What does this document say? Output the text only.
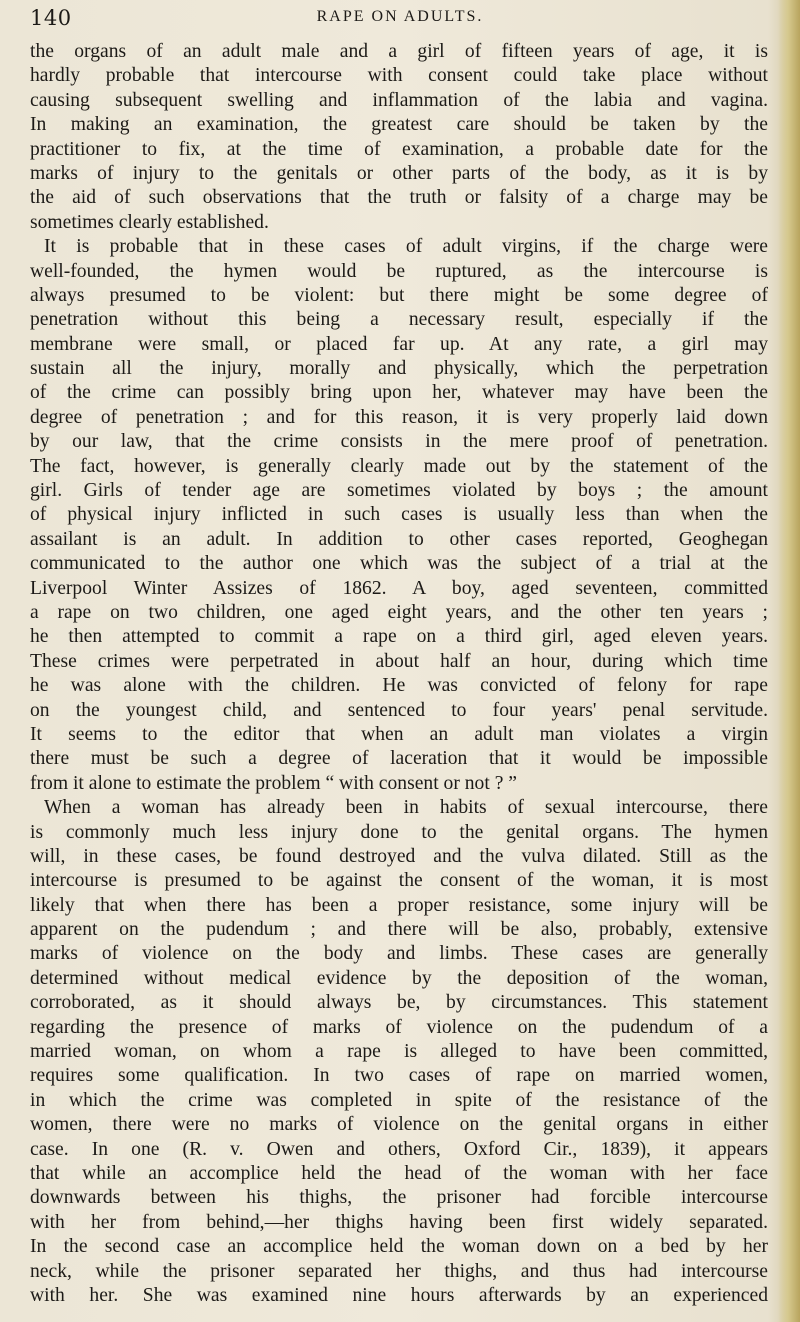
140	RAPE ON ADULTS.
the organs of an adult male and a girl of fifteen years of age, it is
hardly probable that intercourse with consent could take place without
causing subsequent swelling and inflammation of the labia and vagina.
In making an examination, the greatest care should be taken by the
practitioner to fix, at the time of examination, a probable date for the
marks of injury to the genitals or other parts of the body, as it is by
the aid of such observations that the truth or falsity of a charge may be
sometimes clearly established.
It is probable that in these cases of adult virgins, if the charge were
well-founded, the hymen would be ruptured, as the intercourse is
always presumed to be violent: but there might be some degree of
penetration without this being a necessary result, especially if the
membrane were small, or placed far up. At any rate, a girl may
sustain all the injury, morally and physically, which the perpetration
of the crime can possibly bring upon her, whatever may have been the
degree of penetration ; and for this reason, it is very properly laid down
by our law, that the crime consists in the mere proof of penetration.
The fact, however, is generally clearly made out by the statement of the
girl. Girls of tender age are sometimes violated by boys ; the amount
of physical injury inflicted in such cases is usually less than when the
assailant is an adult. In addition to other cases reported, Geoghegan
communicated to the author one which was the subject of a trial at the
Liverpool Winter Assizes of 1862. A boy, aged seventeen, committed
a rape on two children, one aged eight years, and the other ten years ;
he then attempted to commit a rape on a third girl, aged eleven years.
These crimes were perpetrated in about half an hour, during which time
he was alone with the children. He was convicted of felony for rape
on the youngest child, and sentenced to four years' penal servitude.
It seems to the editor that when an adult man violates a virgin
there must be such a degree of laceration that it would be impossible
from it alone to estimate the problem “ with consent or not ? ”
When a woman has already been in habits of sexual intercourse, there
is commonly much less injury done to the genital organs. The hymen
will, in these cases, be found destroyed and the vulva dilated. Still as the
intercourse is presumed to be against the consent of the woman, it is most
likely that when there has been a proper resistance, some injury will be
apparent on the pudendum ; and there will be also, probably, extensive
marks of violence on the body and limbs. These cases are generally
determined without medical evidence by the deposition of the woman,
corroborated, as it should always be, by circumstances. This statement
regarding the presence of marks of violence on the pudendum of a
married woman, on whom a rape is alleged to have been committed,
requires some qualification. In two cases of rape on married women,
in which the crime was completed in spite of the resistance of the
women, there were no marks of violence on the genital organs in either
case. In one (R. v. Owen and others, Oxford Cir., 1839), it appears
that while an accomplice held the head of the woman with her face
downwards between his thighs, the prisoner had forcible intercourse
with her from behind,—her thighs having been first widely separated.
In the second case an accomplice held the woman down on a bed by her
neck, while the prisoner separated her thighs, and thus had intercourse
with her. She was examined nine hours afterwards by an experienced
